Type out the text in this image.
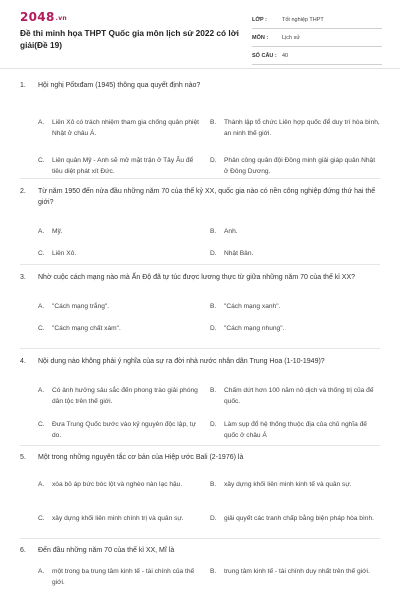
2048.vn
Đề thi minh họa THPT Quốc gia môn lịch sử 2022 có lời giải(Đề 19)
LỚP :	Tốt nghiệp THPT
MÔN :	Lịch sử
SỐ CÂU : 40
1.	Hội nghị Pốtxđam (1945) thông qua quyết định nào?
A.	Liên Xô có trách nhiệm tham gia chống quân phiệt Nhật ở châu Á.
B.	Thành lập tổ chức Liên hợp quốc để duy trì hòa bình, an ninh thế giới.
C.	Liên quân Mỹ - Anh sẽ mở mặt trận ở Tây Âu để tiêu diệt phát xít Đức.
D.	Phân công quân đội Đồng minh giải giáp quân Nhật ở Đông Dương.
2.	Từ năm 1950 đến nửa đầu những năm 70 của thế kỷ XX, quốc gia nào có nền công nghiệp đứng thứ hai thế giới?
A.	Mỹ.	B.	Anh.
C.	Liên Xô.	D.	Nhật Bản.
3.	Nhờ cuộc cách mạng nào mà Ấn Độ đã tự túc được lương thực từ giữa những năm 70 của thế kỉ XX?
A.	"Cách mạng trắng".	B.	"Cách mạng xanh".
C.	"Cách mạng chất xám".	D.	"Cách mạng nhung".
4.	Nội dung nào không phải ý nghĩa của sự ra đời nhà nước nhân dân Trung Hoa (1-10-1949)?
A.	Có ảnh hưởng sâu sắc đến phong trào giải phóng dân tộc trên thế giới.
B.	Chấm dứt hơn 100 năm nô dịch và thống trị của đế quốc.
C.	Đưa Trung Quốc bước vào kỷ nguyên độc lập, tự do.
D.	Làm sụp đổ hệ thống thuộc địa của chủ nghĩa đế quốc ở châu Á
5.	Một trong những nguyên tắc cơ bản của Hiệp ước Bali (2-1976) là
A.	xóa bỏ áp bức bóc lột và nghèo nàn lạc hậu.	B.	xây dựng khối liên minh kinh tế và quân sự.
C.	xây dựng khối liên minh chính trị và quân sự.	D.	giải quyết các tranh chấp bằng biện pháp hòa bình.
6.	Đến đầu những năm 70 của thế kỉ XX, Mĩ là
A.	một trong ba trung tâm kinh tế - tài chính của thế giới.
B.	trung tâm kinh tế - tài chính duy nhất trên thế giới.
